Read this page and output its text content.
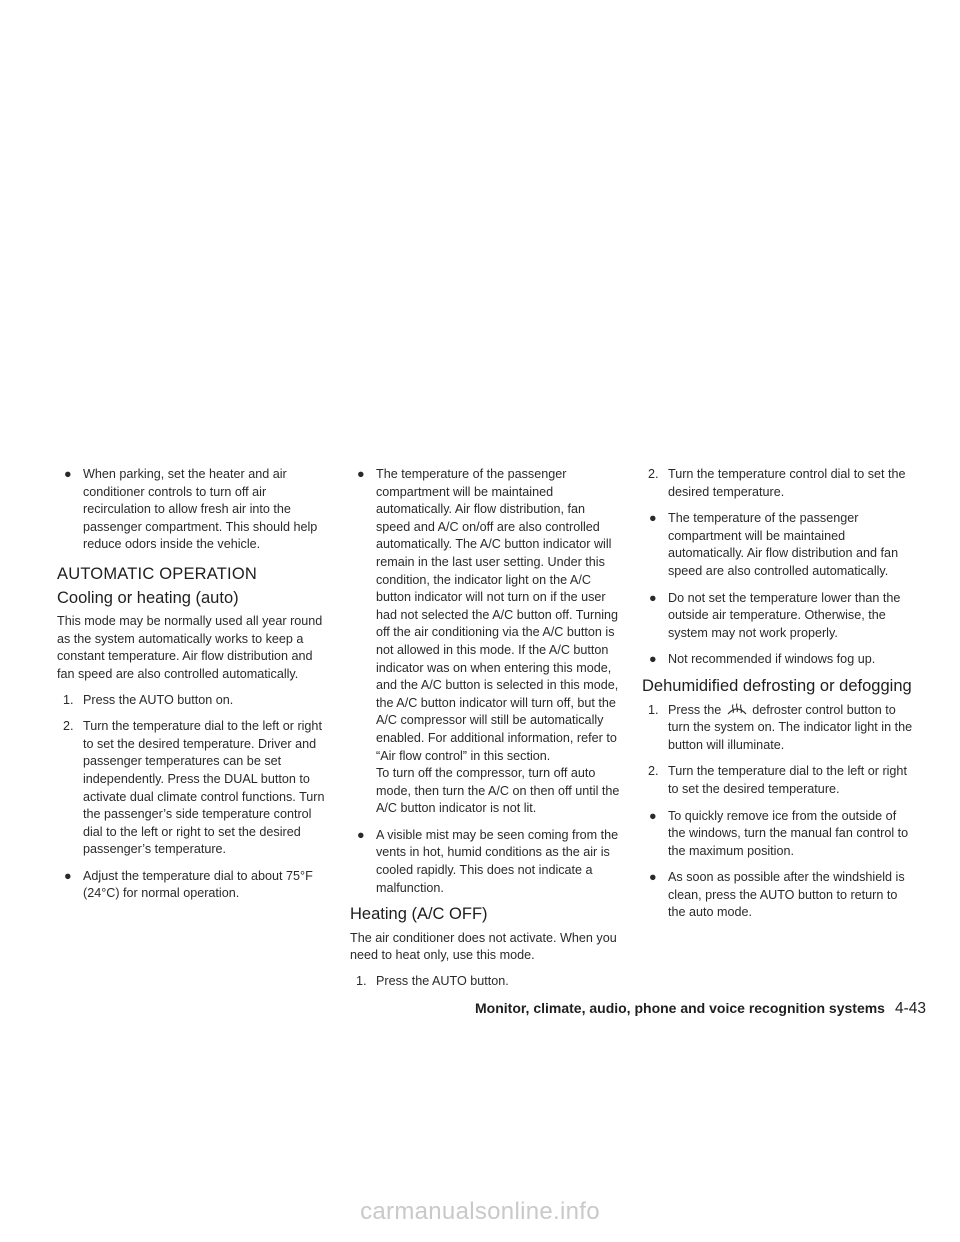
● When parking, set the heater and air conditioner controls to turn off air recirculation to allow fresh air into the passenger compartment. This should help reduce odors inside the vehicle.
AUTOMATIC OPERATION
Cooling or heating (auto)

This mode may be normally used all year round as the system automatically works to keep a constant temperature. Air flow distribution and fan speed are also controlled automatically.

1. Press the AUTO button on.
2. Turn the temperature dial to the left or right to set the desired temperature. Driver and passenger temperatures can be set independently. Press the DUAL button to activate dual climate control functions. Turn the passenger’s side temperature control dial to the left or right to set the desired passenger’s temperature.
● Adjust the temperature dial to about 75°F (24°C) for normal operation.
● The temperature of the passenger compartment will be maintained automatically. Air flow distribution, fan speed and A/C on/off are also controlled automatically. The A/C button indicator will remain in the last user setting. Under this condition, the indicator light on the A/C button indicator will not turn on if the user had not selected the A/C button off. Turning off the air conditioning via the A/C button is not allowed in this mode. If the A/C button indicator was on when entering this mode, and the A/C button is selected in this mode, the A/C button indicator will turn off, but the A/C compressor will still be automatically enabled. For additional information, refer to “Air flow control” in this section.
To turn off the compressor, turn off auto mode, then turn the A/C on then off until the A/C button indicator is not lit.
● A visible mist may be seen coming from the vents in hot, humid conditions as the air is cooled rapidly. This does not indicate a malfunction.
Heating (A/C OFF)

The air conditioner does not activate. When you need to heat only, use this mode.

1. Press the AUTO button.
2. Turn the temperature control dial to set the desired temperature.
● The temperature of the passenger compartment will be maintained automatically. Air flow distribution and fan speed are also controlled automatically.
● Do not set the temperature lower than the outside air temperature. Otherwise, the system may not work properly.
● Not recommended if windows fog up.
Dehumidified defrosting or defogging
1. Press the defroster control button to turn the system on. The indicator light in the button will illuminate.
2. Turn the temperature dial to the left or right to set the desired temperature.
● To quickly remove ice from the outside of the windows, turn the manual fan control to the maximum position.
● As soon as possible after the windshield is clean, press the AUTO button to return to the auto mode.
Monitor, climate, audio, phone and voice recognition systems 4-43
carmanualsonline.info
